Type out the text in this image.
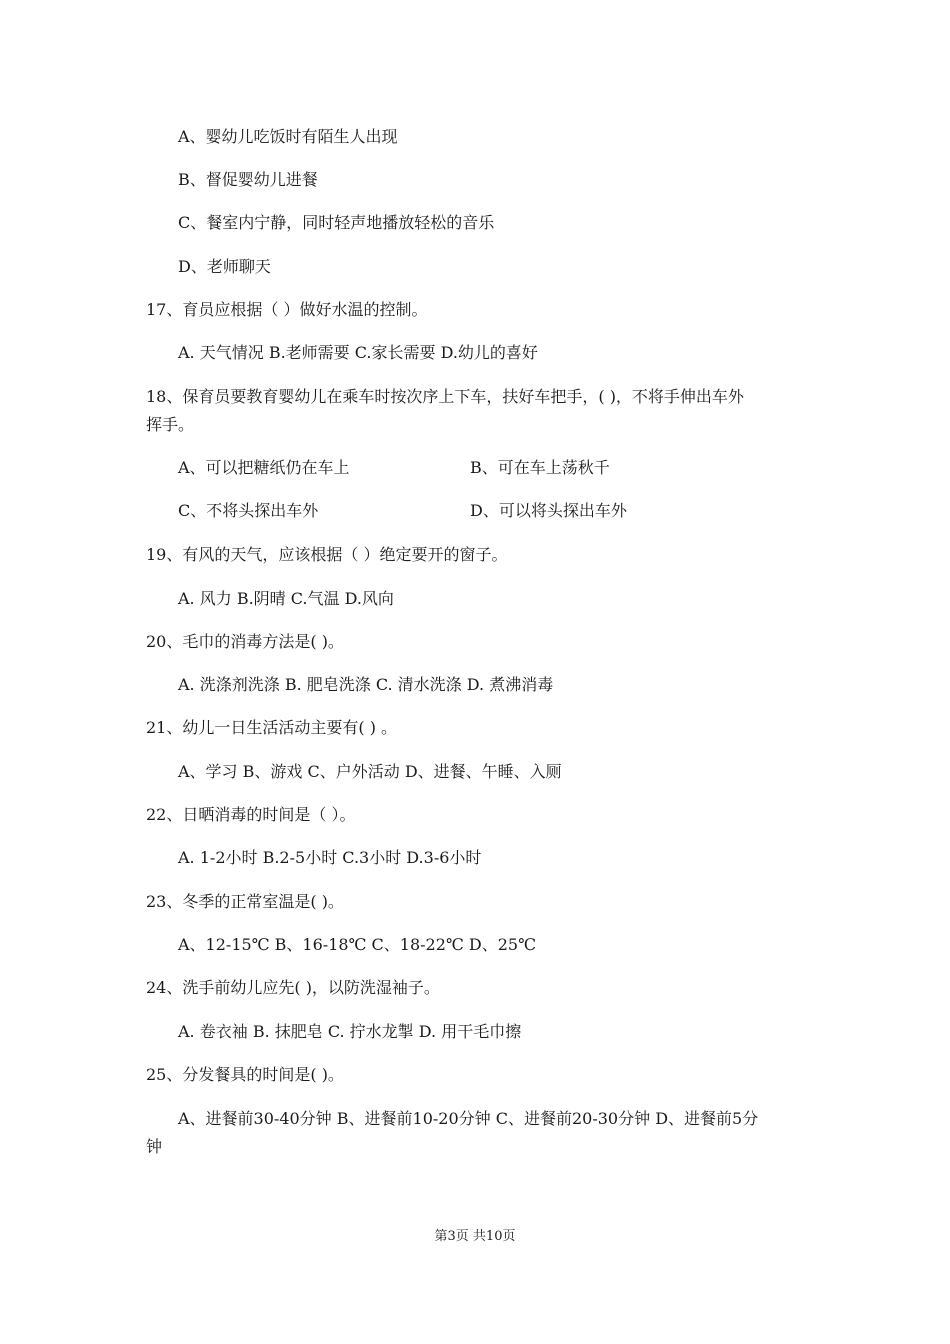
A、婴幼儿吃饭时有陌生人出现
B、督促婴幼儿进餐
C、餐室内宁静，同时轻声地播放轻松的音乐
D、老师聊天
17、育员应根据（ ）做好水温的控制。
A. 天气情况 B.老师需要 C.家长需要 D.幼儿的喜好
18、保育员要教育婴幼儿在乘车时按次序上下车，扶好车把手，( )，不将手伸出车外
挥手。
A、可以把糖纸仍在车上	B、可在车上荡秋千
C、不将头探出车外	D、可以将头探出车外
19、有风的天气，应该根据（ ）绝定要开的窗子。
A. 风力 B.阴晴 C.气温 D.风向
20、毛巾的消毒方法是( )。
A. 洗涤剂洗涤 B. 肥皂洗涤 C. 清水洗涤 D. 煮沸消毒
21、幼儿一日生活活动主要有( ) 。
A、学习 B、游戏 C、户外活动 D、进餐、午睡、入厕
22、日晒消毒的时间是（ ）。
A. 1-2小时 B.2-5小时 C.3小时 D.3-6小时
23、冬季的正常室温是( )。
A、12-15℃ B、16-18℃ C、18-22℃ D、25℃
24、洗手前幼儿应先( )，以防洗湿袖子。
A. 卷衣袖 B. 抹肥皂 C. 拧水龙掣 D. 用干毛巾擦
25、分发餐具的时间是( )。
A、进餐前30-40分钟 B、进餐前10-20分钟 C、进餐前20-30分钟 D、进餐前5分
钟
第3页 共10页
